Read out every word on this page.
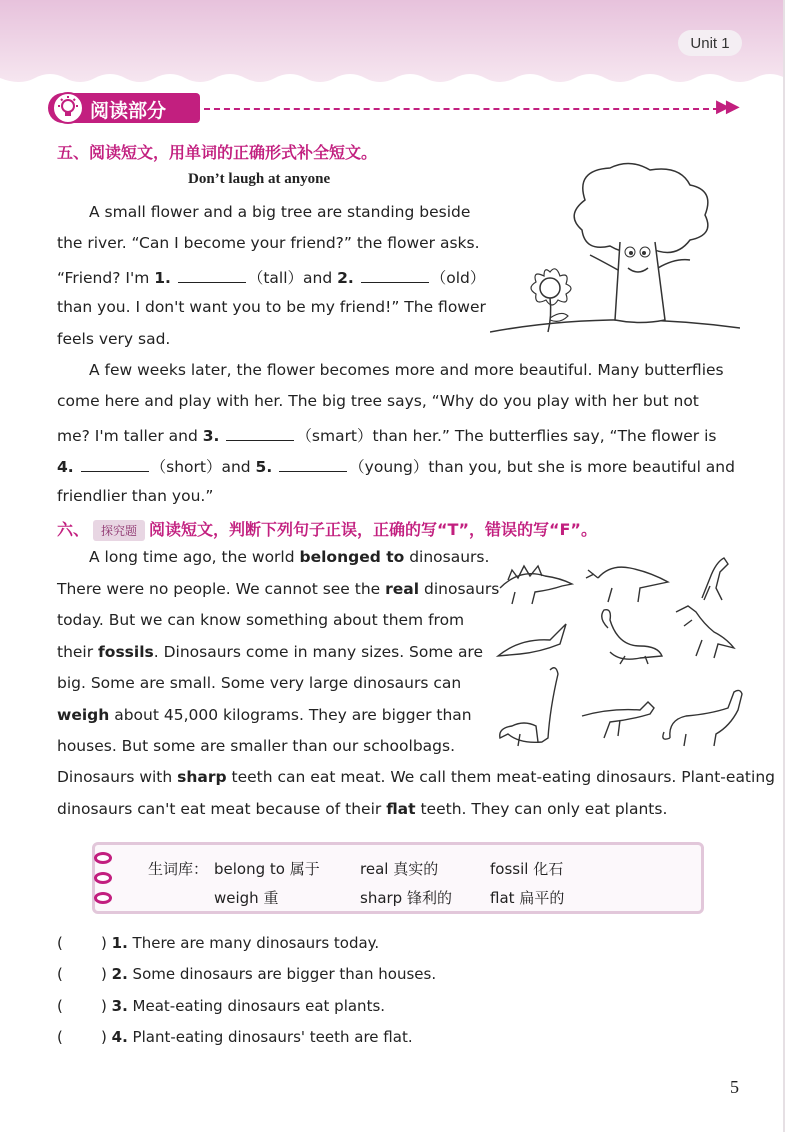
Unit 1
阅读部分	▶▶
五、阅读短文，用单词的正确形式补全短文。
Don’t laugh at anyone
A small flower and a big tree are standing beside
the river. “Can I become your friend?” the flower asks.
“Friend? I'm 1.	（tall）and 2.	（old）
than you. I don't want you to be my friend!” The flower
feels very sad.
A few weeks later, the flower becomes more and more beautiful. Many butterflies
come here and play with her. The big tree says, “Why do you play with her but not
me? I'm taller and 3.	（smart）than her.” The butterflies say, “The flower is
4.	（short）and 5.	（young）than you, but she is more beautiful and
friendlier than you.”
六、 探究题 阅读短文，判断下列句子正误，正确的写“T”，错误的写“F”。
A long time ago, the world belonged to dinosaurs.
There were no people. We cannot see the real dinosaurs
today. But we can know something about them from
their fossils. Dinosaurs come in many sizes. Some are
big. Some are small. Some very large dinosaurs can
weigh about 45,000 kilograms. They are bigger than
houses. But some are smaller than our schoolbags.
Dinosaurs with sharp teeth can eat meat. We call them meat-eating dinosaurs. Plant-eating
dinosaurs can't eat meat because of their flat teeth. They can only eat plants.
生词库： belong to 属于	real 真实的	fossil 化石
weigh 重	sharp 锋利的	flat 扁平的
(	) 1. There are many dinosaurs today.
(	) 2. Some dinosaurs are bigger than houses.
(	) 3. Meat-eating dinosaurs eat plants.
(	) 4. Plant-eating dinosaurs' teeth are flat.
5
